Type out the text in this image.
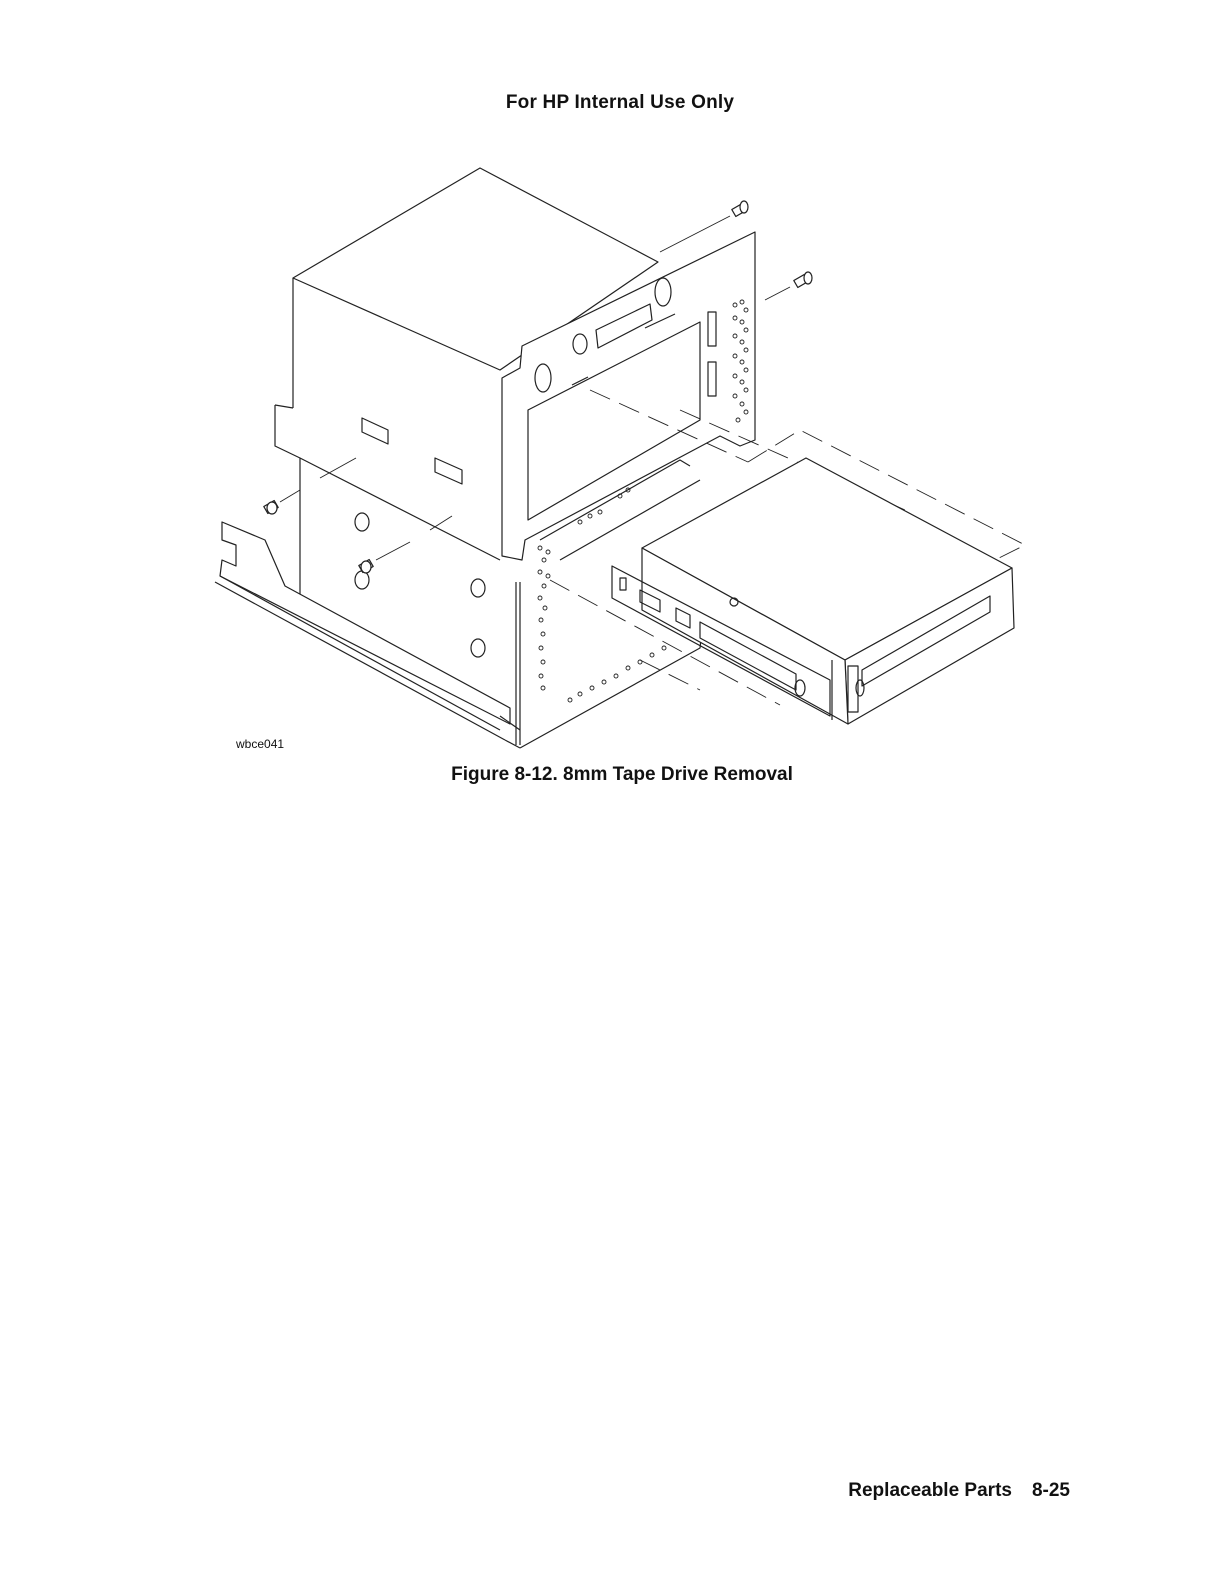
For HP Internal Use Only
wbce041
Figure 8-12. 8mm Tape Drive Removal
Replaceable Parts 8-25
